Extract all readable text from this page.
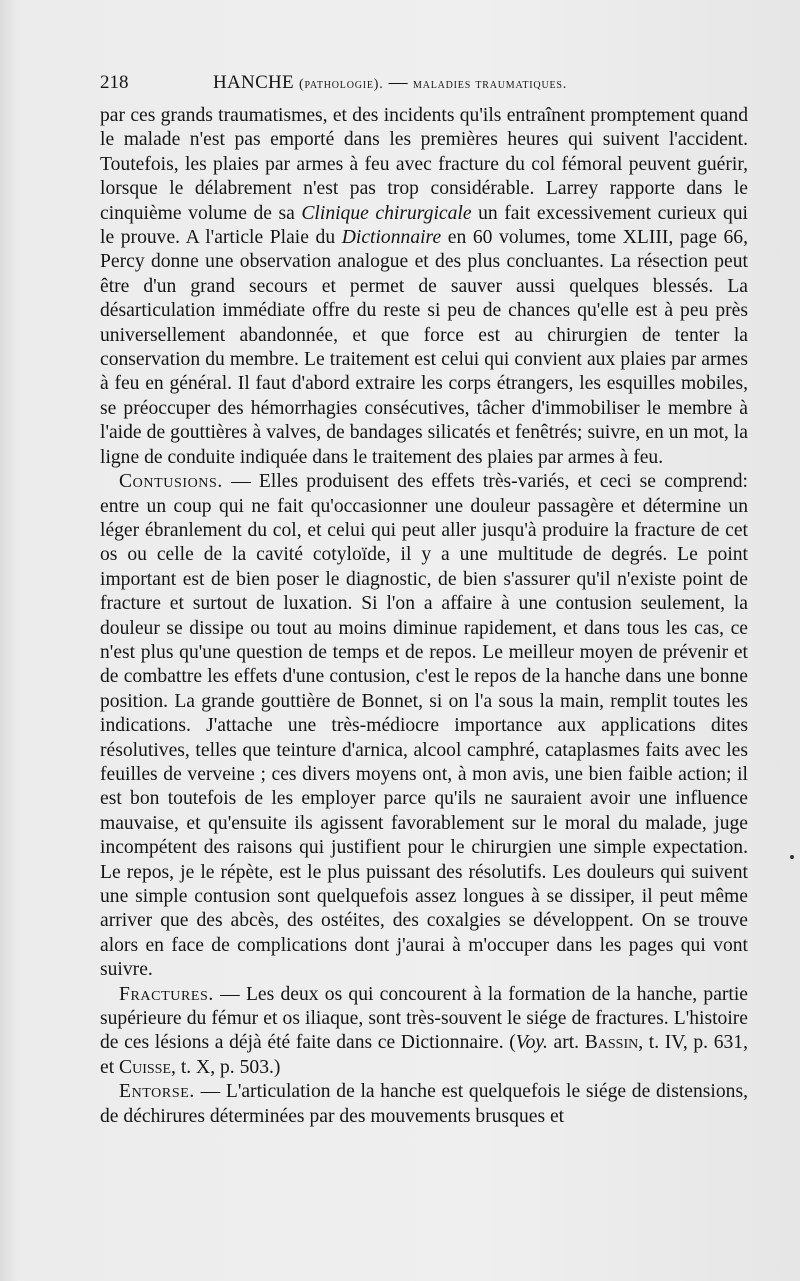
218	HANCHE (pathologie). — maladies traumatiques.

par ces grands traumatismes, et des incidents qu'ils entraînent promptement quand le malade n'est pas emporté dans les premières heures qui suivent l'accident. Toutefois, les plaies par armes à feu avec fracture du col fémoral peuvent guérir, lorsque le délabrement n'est pas trop considérable. Larrey rapporte dans le cinquième volume de sa Clinique chirurgicale un fait excessivement curieux qui le prouve. A l'article Plaie du Dictionnaire en 60 volumes, tome XLIII, page 66, Percy donne une observation analogue et des plus concluantes. La résection peut être d'un grand secours et permet de sauver aussi quelques blessés. La désarticulation immédiate offre du reste si peu de chances qu'elle est à peu près universellement abandonnée, et que force est au chirurgien de tenter la conservation du membre. Le traitement est celui qui convient aux plaies par armes à feu en général. Il faut d'abord extraire les corps étrangers, les esquilles mobiles, se préoccuper des hémorrhagies consécutives, tâcher d'immobiliser le membre à l'aide de gouttières à valves, de bandages silicatés et fenêtrés; suivre, en un mot, la ligne de conduite indiquée dans le traitement des plaies par armes à feu.

Contusions. — Elles produisent des effets très-variés, et ceci se comprend: entre un coup qui ne fait qu'occasionner une douleur passagère et détermine un léger ébranlement du col, et celui qui peut aller jusqu'à produire la fracture de cet os ou celle de la cavité cotyloïde, il y a une multitude de degrés. Le point important est de bien poser le diagnostic, de bien s'assurer qu'il n'existe point de fracture et surtout de luxation. Si l'on a affaire à une contusion seulement, la douleur se dissipe ou tout au moins diminue rapidement, et dans tous les cas, ce n'est plus qu'une question de temps et de repos. Le meilleur moyen de prévenir et de combattre les effets d'une contusion, c'est le repos de la hanche dans une bonne position. La grande gouttière de Bonnet, si on l'a sous la main, remplit toutes les indications. J'attache une très-médiocre importance aux applications dites résolutives, telles que teinture d'arnica, alcool camphré, cataplasmes faits avec les feuilles de verveine ; ces divers moyens ont, à mon avis, une bien faible action; il est bon toutefois de les employer parce qu'ils ne sauraient avoir une influence mauvaise, et qu'ensuite ils agissent favorablement sur le moral du malade, juge incompétent des raisons qui justifient pour le chirurgien une simple expectation. Le repos, je le répète, est le plus puissant des résolutifs. Les douleurs qui suivent une simple contusion sont quelquefois assez longues à se dissiper, il peut même arriver que des abcès, des ostéites, des coxalgies se développent. On se trouve alors en face de complications dont j'aurai à m'occuper dans les pages qui vont suivre.

Fractures. — Les deux os qui concourent à la formation de la hanche, partie supérieure du fémur et os iliaque, sont très-souvent le siége de fractures. L'histoire de ces lésions a déjà été faite dans ce Dictionnaire. (Voy. art. Bassin, t. IV, p. 631, et Cuisse, t. X, p. 503.)

Entorse. — L'articulation de la hanche est quelquefois le siége de distensions, de déchirures déterminées par des mouvements brusques et
